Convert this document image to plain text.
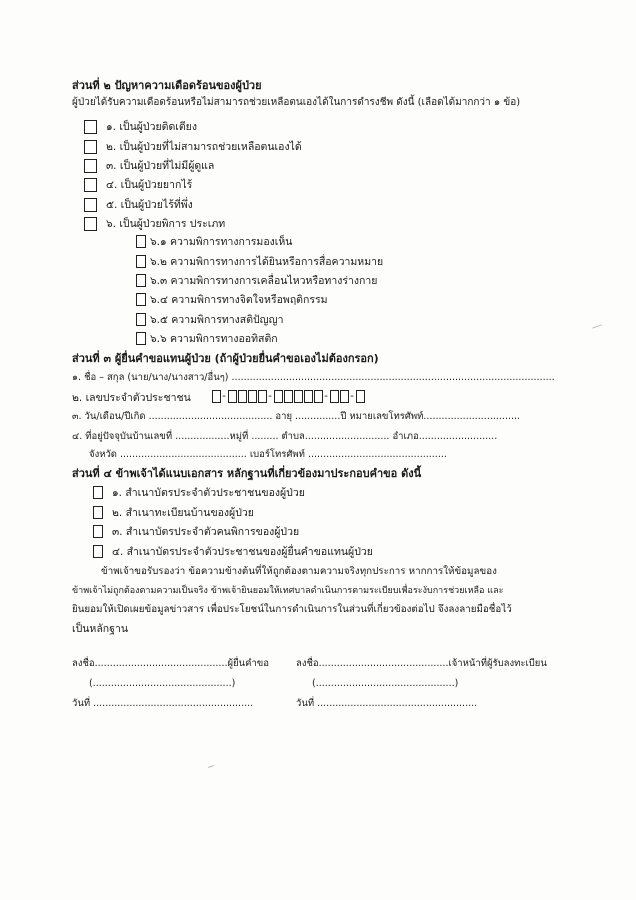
ส่วนที่ ๒ ปัญหาความเดือดร้อนของผู้ป่วย
ผู้ป่วยได้รับความเดือดร้อนหรือไม่สามารถช่วยเหลือตนเองได้ในการดำรงชีพ ดังนี้ (เลือดได้มากกว่า ๑ ข้อ)
๑. เป็นผู้ป่วยติดเตียง
๒. เป็นผู้ป่วยที่ไม่สามารถช่วยเหลือตนเองได้
๓. เป็นผู้ป่วยที่ไม่มีผู้ดูแล
๔. เป็นผู้ป่วยยากไร้
๕. เป็นผู้ป่วยไร้ที่พึ่ง
๖. เป็นผู้ป่วยพิการ ประเภท
๖.๑ ความพิการทางการมองเห็น
๖.๒ ความพิการทางการได้ยินหรือการสื่อความหมาย
๖.๓ ความพิการทางการเคลื่อนไหวหรือทางร่างกาย
๖.๔ ความพิการทางจิตใจหรือพฤติกรรม
๖.๕ ความพิการทางสติปัญญา
๖.๖ ความพิการทางออทิสติก
ส่วนที่ ๓ ผู้ยื่นคำขอแทนผู้ป่วย (ถ้าผู้ป่วยยื่นคำขอเองไม่ต้องกรอก)
๑. ชื่อ – สกุล (นาย/นาง/นางสาว/อื่นๆ) ...........................................................................................................
๒. เลขประจำตัวประชาชน	-	-	- -
๓. วัน/เดือน/ปีเกิด ......................................... อายุ ...............ปี หมายเลขโทรศัพท์................................
๔. ที่อยู่ปัจจุบันบ้านเลขที่ ..................หมู่ที่ ......... ตำบล............................ อำเภอ..........................
จังหวัด .......................................... เบอร์โทรศัพท์ ..............................................
ส่วนที่ ๔ ข้าพเจ้าได้แนบเอกสาร หลักฐานที่เกี่ยวข้องมาประกอบคำขอ ดังนี้
๑. สำเนาบัตรประจำตัวประชาชนของผู้ป่วย
๒. สำเนาทะเบียนบ้านของผู้ป่วย
๓. สำเนาบัตรประจำตัวคนพิการของผู้ป่วย
๔. สำเนาบัตรประจำตัวประชาชนของผู้ยื่นคำขอแทนผู้ป่วย
ข้าพเจ้าขอรับรองว่า ข้อความข้างต้นที่ให้ถูกต้องตามความจริงทุกประการ หากการให้ข้อมูลของ
ข้าพเจ้าไม่ถูกต้องตามความเป็นจริง ข้าพเจ้ายินยอมให้เทศบาลดำเนินการตามระเบียบเพื่อระงับการช่วยเหลือ และ
ยินยอมให้เปิดเผยข้อมูลข่าวสาร เพื่อประโยชน์ในการดำเนินการในส่วนที่เกี่ยวข้องต่อไป จึงลงลายมือชื่อไว้
เป็นหลักฐาน
ลงชื่อ............................................ผู้ยื่นคำขอ
(..............................................)
วันที่ .....................................................
ลงชื่อ...........................................เจ้าหน้าที่ผู้รับลงทะเบียน
(..............................................)
วันที่ .....................................................
